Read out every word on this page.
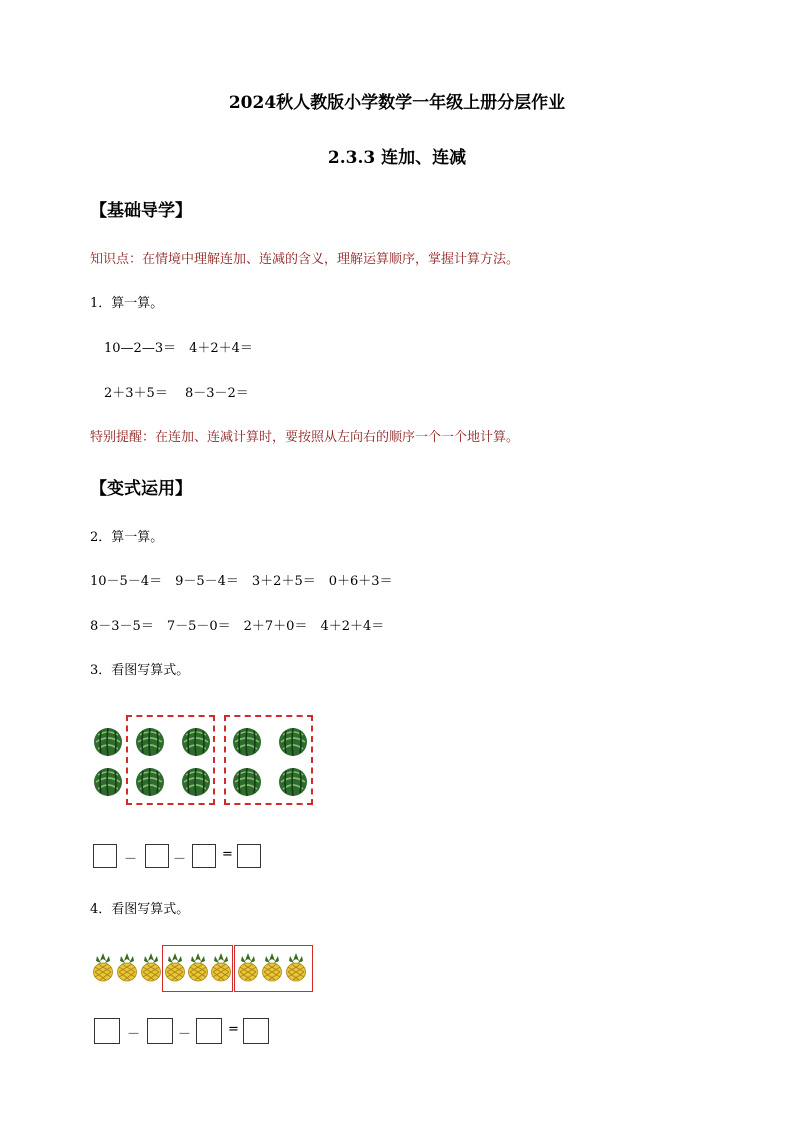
2024秋人教版小学数学一年级上册分层作业
2.3.3 连加、连减
【基础导学】
知识点：在情境中理解连加、连减的含义，理解运算顺序，掌握计算方法。
1．算一算。
10—2—3＝　4＋2＋4＝
2＋3＋5＝　 8－3－2＝
特别提醒：在连加、连减计算时，要按照从左向右的顺序一个一个地计算。
【变式运用】
2．算一算。
10－5－4＝　9－5－4＝　3＋2＋5＝　0＋6＋3＝
8－3－5＝　7－5－0＝　2＋7＋0＝　4＋2＋4＝
3．看图写算式。
－	－	=
4．看图写算式。
－	－	=
